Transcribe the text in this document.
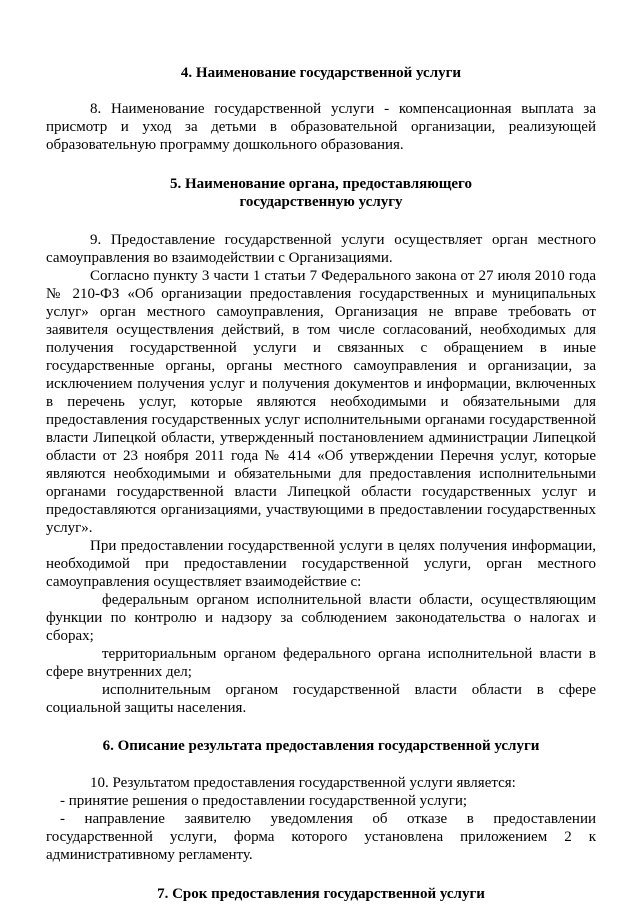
4. Наименование государственной услуги

8. Наименование государственной услуги - компенсационная выплата за присмотр и уход за детьми в образовательной организации, реализующей образовательную программу дошкольного образования.

5. Наименование органа, предоставляющего
государственную услугу

9. Предоставление государственной услуги осуществляет орган местного самоуправления во взаимодействии с Организациями.

Согласно пункту 3 части 1 статьи 7 Федерального закона от 27 июля 2010 года № 210-ФЗ «Об организации предоставления государственных и муниципальных услуг» орган местного самоуправления, Организация не вправе требовать от заявителя осуществления действий, в том числе согласований, необходимых для получения государственной услуги и связанных с обращением в иные государственные органы, органы местного самоуправления и организации, за исключением получения услуг и получения документов и информации, включенных в перечень услуг, которые являются необходимыми и обязательными для предоставления государственных услуг исполнительными органами государственной власти Липецкой области, утвержденный постановлением администрации Липецкой области от 23 ноября 2011 года № 414 «Об утверждении Перечня услуг, которые являются необходимыми и обязательными для предоставления исполнительными органами государственной власти Липецкой области государственных услуг и предоставляются организациями, участвующими в предоставлении государственных услуг».

При предоставлении государственной услуги в целях получения информации, необходимой при предоставлении государственной услуги, орган местного самоуправления осуществляет взаимодействие с:

федеральным органом исполнительной власти области, осуществляющим функции по контролю и надзору за соблюдением законодательства о налогах и сборах;

территориальным органом федерального органа исполнительной власти в сфере внутренних дел;

исполнительным органом государственной власти области в сфере социальной защиты населения.

6. Описание результата предоставления государственной услуги

10. Результатом предоставления государственной услуги является:

- принятие решения о предоставлении государственной услуги;

- направление заявителю уведомления об отказе в предоставлении государственной услуги, форма которого установлена приложением 2 к административному регламенту.

7. Срок предоставления государственной услуги
